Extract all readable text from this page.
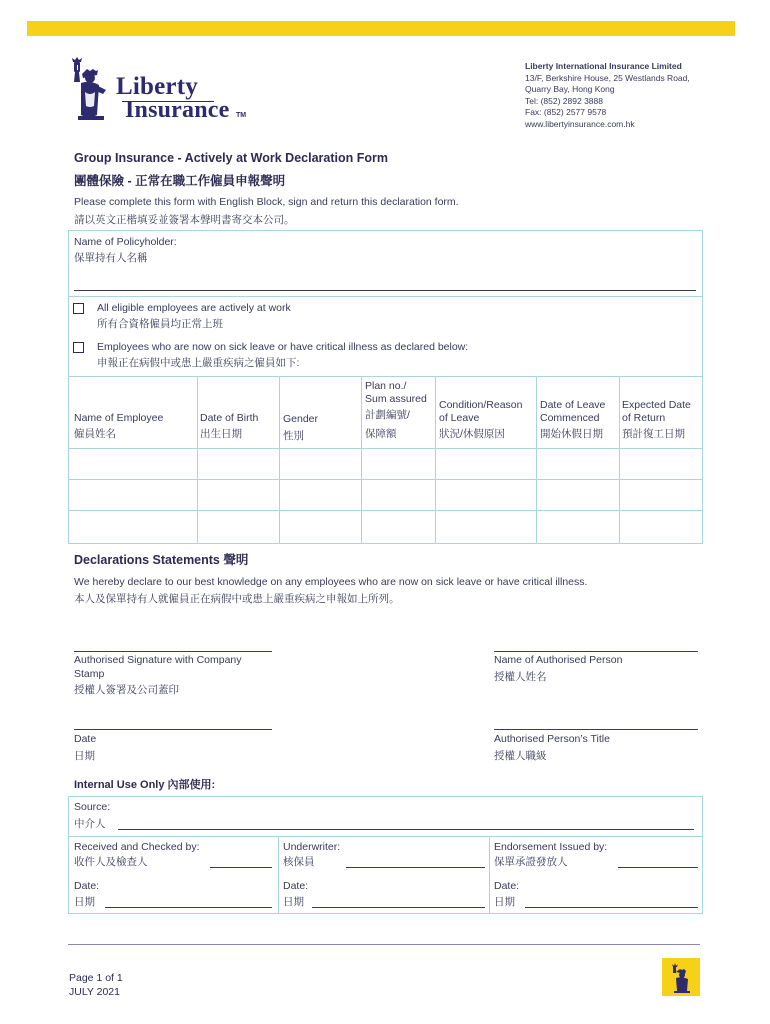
Liberty
Insurance TM
Liberty International Insurance Limited
13/F, Berkshire House, 25 Westlands Road,
Quarry Bay, Hong Kong
Tel: (852) 2892 3888
Fax: (852) 2577 9578
www.libertyinsurance.com.hk
Group Insurance - Actively at Work Declaration Form
團體保險 - 正常在職工作僱員申報聲明
Please complete this form with English Block, sign and return this declaration form.
請以英文正楷填妥並簽署本聲明書寄交本公司。
Name of Policyholder:
保單持有人名稱
All eligible employees are actively at work
所有合資格僱員均正常上班
Employees who are now on sick leave or have critical illness as declared below:
申報正在病假中或患上嚴重疾病之僱員如下:
Name of Employee
僱員姓名
Date of Birth
出生日期
Gender
性別
Plan no./
Sum assured
計劃編號/
保障額
Condition/Reason
of Leave
狀況/休假原因
Date of Leave
Commenced
開始休假日期
Expected Date
of Return
預計復工日期
Declarations Statements 聲明
We hereby declare to our best knowledge on any employees who are now on sick leave or have critical illness.
本人及保單持有人就僱員正在病假中或患上嚴重疾病之申報如上所列。
Authorised Signature with Company
Stamp
授權人簽署及公司蓋印
Name of Authorised Person
授權人姓名
Date
日期
Authorised Person’s Title
授權人職級
Internal Use Only 內部使用:
Source:
中介人
Received and Checked by:
收件人及檢查人
Underwriter:
核保員
Endorsement Issued by:
保單承證發放人
Date:
日期
Date:
日期
Date:
日期
Page 1 of 1
JULY 2021
